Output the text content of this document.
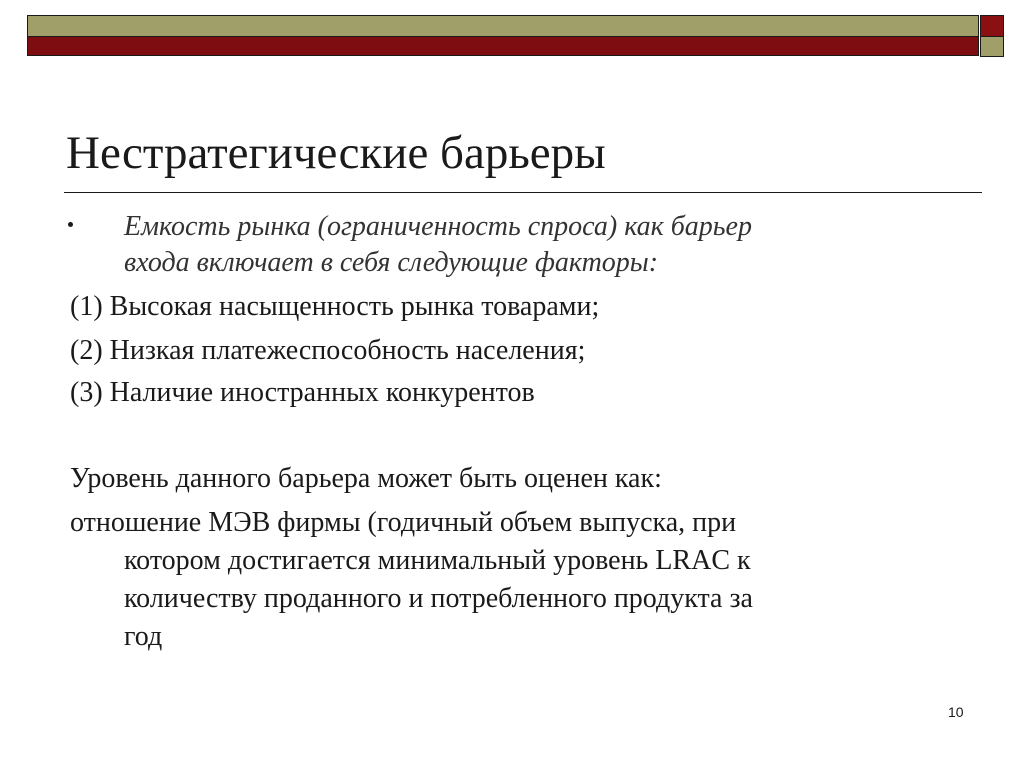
Нестратегические барьеры
Емкость рынка (ограниченность спроса) как барьер
входа включает в себя следующие факторы:
(1) Высокая насыщенность рынка товарами;
(2) Низкая платежеспособность населения;
(3) Наличие иностранных конкурентов
Уровень данного барьера может быть оценен как:
отношение МЭВ фирмы (годичный объем выпуска, при
котором достигается минимальный уровень LRAC к
количеству проданного и потребленного продукта за
год
10
